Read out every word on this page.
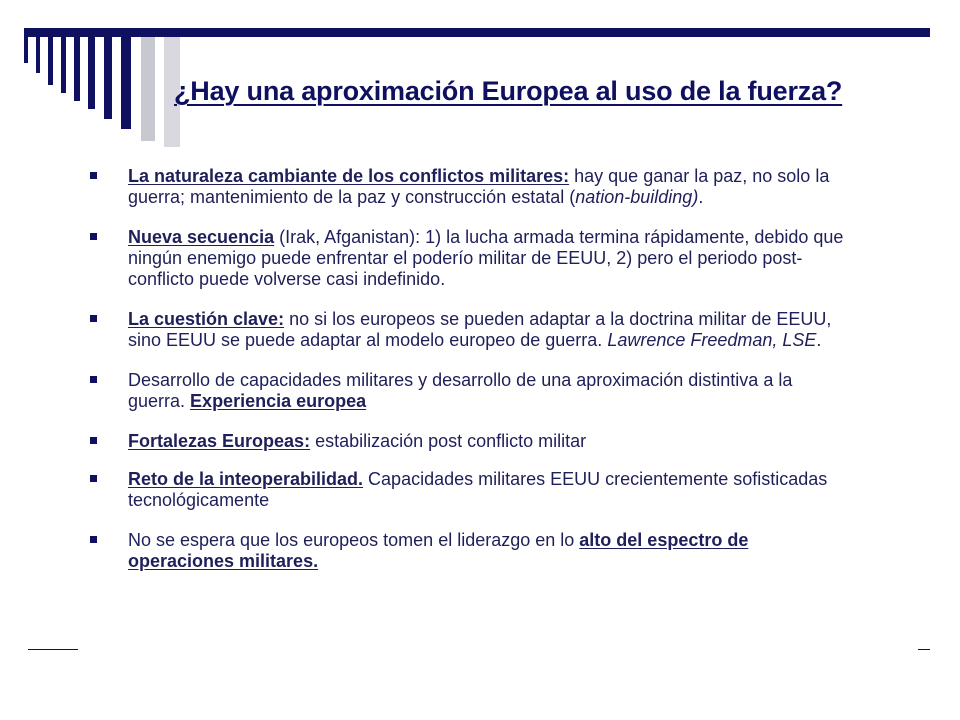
¿Hay una aproximación Europea al uso de la fuerza?
La naturaleza cambiante de los conflictos militares: hay que ganar la paz, no solo la guerra; mantenimiento de la paz y construcción estatal (nation-building).
Nueva secuencia (Irak, Afganistan): 1) la lucha armada termina rápidamente, debido que ningún enemigo puede enfrentar el poderío militar de EEUU, 2) pero el periodo post-conflicto puede volverse casi indefinido.
La cuestión clave: no si los europeos se pueden adaptar a la doctrina militar de EEUU, sino EEUU se puede adaptar al modelo europeo de guerra. Lawrence Freedman, LSE.
Desarrollo de capacidades militares y desarrollo de una aproximación distintiva a la guerra. Experiencia europea
Fortalezas Europeas: estabilización post conflicto militar
Reto de la inteoperabilidad. Capacidades militares EEUU crecientemente sofisticadas tecnológicamente
No se espera que los europeos tomen el liderazgo en lo alto del espectro de operaciones militares.
